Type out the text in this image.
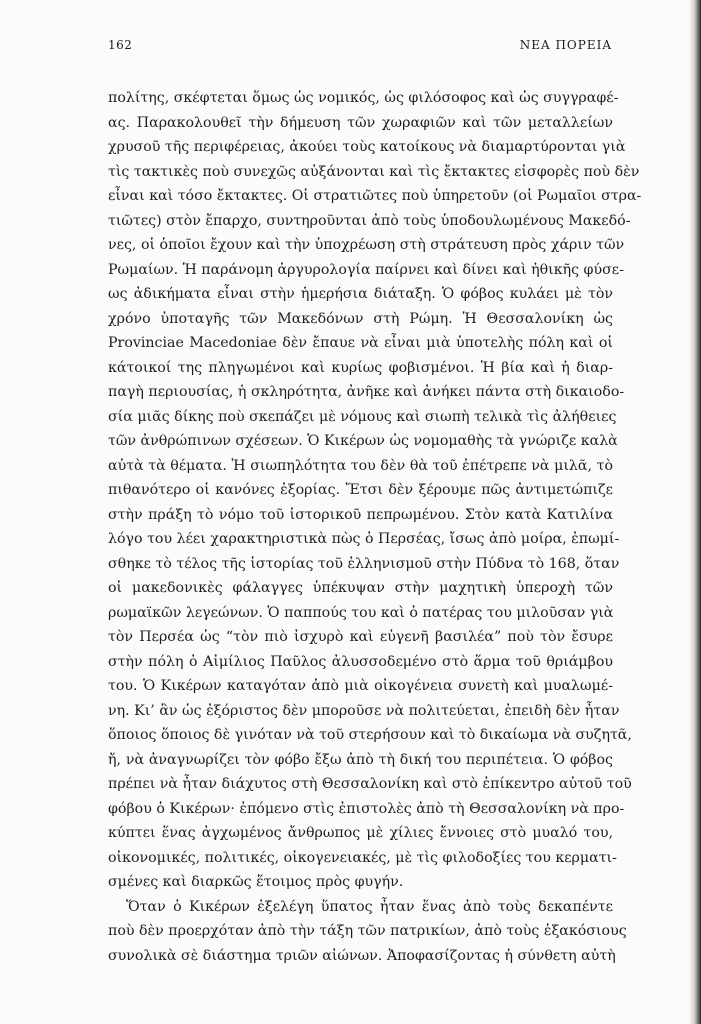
162	ΝΕΑ ΠΟΡΕΙΑ
πολίτης, σκέφτεται ὅμως ὡς νομικός, ὡς φιλόσοφος καὶ ὡς συγγραφέ-
ας. Παρακολουθεῖ τὴν δήμευση τῶν χωραφιῶν καὶ τῶν μεταλλείων
χρυσοῦ τῆς περιφέρειας, ἀκούει τοὺς κατοίκους νὰ διαμαρτύρονται γιὰ
τὶς τακτικὲς ποὺ συνεχῶς αὐξάνονται καὶ τὶς ἔκτακτες εἰσφορὲς ποὺ δὲν
εἶναι καὶ τόσο ἔκτακτες. Οἱ στρατιῶτες ποὺ ὑπηρετοῦν (οἱ Ρωμαῖοι στρα-
τιῶτες) στὸν ἔπαρχο, συντηροῦνται ἀπὸ τοὺς ὑποδουλωμένους Μακεδό-
νες, οἱ ὁποῖοι ἔχουν καὶ τὴν ὑποχρέωση στὴ στράτευση πρὸς χάριν τῶν
Ρωμαίων. Ἡ παράνομη ἀργυρολογία παίρνει καὶ δίνει καὶ ἠθικῆς φύσε-
ως ἀδικήματα εἶναι στὴν ἡμερήσια διάταξη. Ὁ φόβος κυλάει μὲ τὸν
χρόνο ὑποταγῆς τῶν Μακεδόνων στὴ Ρώμη. Ἡ Θεσσαλονίκη ὡς
Provinciae Macedoniae δὲν ἔπαυε νὰ εἶναι μιὰ ὑποτελὴς πόλη καὶ οἱ
κάτοικοί της πληγωμένοι καὶ κυρίως φοβισμένοι. Ἡ βία καὶ ἡ διαρ-
παγὴ περιουσίας, ἡ σκληρότητα, ἀνῆκε καὶ ἀνήκει πάντα στὴ δικαιοδο-
σία μιᾶς δίκης ποὺ σκεπάζει μὲ νόμους καὶ σιωπὴ τελικὰ τὶς ἀλήθειες
τῶν ἀνθρώπινων σχέσεων. Ὁ Κικέρων ὡς νομομαθὴς τὰ γνώριζε καλὰ
αὐτὰ τὰ θέματα. Ἡ σιωπηλότητα του δὲν θὰ τοῦ ἐπέτρεπε νὰ μιλᾶ, τὸ
πιθανότερο οἱ κανόνες ἐξορίας. Ἔτσι δὲν ξέρουμε πῶς ἀντιμετώπιζε
στὴν πράξη τὸ νόμο τοῦ ἱστορικοῦ πεπρωμένου. Στὸν κατὰ Κατιλίνα
λόγο του λέει χαρακτηριστικὰ πὼς ὁ Περσέας, ἴσως ἀπὸ μοίρα, ἐπωμί-
σθηκε τὸ τέλος τῆς ἱστορίας τοῦ ἑλληνισμοῦ στὴν Πύδνα τὸ 168, ὅταν
οἱ μακεδονικὲς φάλαγγες ὑπέκυψαν στὴν μαχητικὴ ὑπεροχὴ τῶν
ρωμαϊκῶν λεγεώνων. Ὁ παππούς του καὶ ὁ πατέρας του μιλοῦσαν γιὰ
τὸν Περσέα ὡς “τὸν πιὸ ἰσχυρὸ καὶ εὐγενῆ βασιλέα” ποὺ τὸν ἔσυρε
στὴν πόλη ὁ Αἰμίλιος Παῦλος ἀλυσσοδεμένο στὸ ἅρμα τοῦ θριάμβου
του. Ὁ Κικέρων καταγόταν ἀπὸ μιὰ οἰκογένεια συνετὴ καὶ μυαλωμέ-
νη. Κι’ ἂν ὡς ἐξόριστος δὲν μποροῦσε νὰ πολιτεύεται, ἐπειδὴ δὲν ἦταν
ὅποιος ὅποιος δὲ γινόταν νὰ τοῦ στερήσουν καὶ τὸ δικαίωμα νὰ συζητᾶ,
ἤ, νὰ ἀναγνωρίζει τὸν φόβο ἔξω ἀπὸ τὴ δική του περιπέτεια. Ὁ φόβος
πρέπει νὰ ἦταν διάχυτος στὴ Θεσσαλονίκη καὶ στὸ ἐπίκεντρο αὐτοῦ τοῦ
φόβου ὁ Κικέρων· ἐπόμενο στὶς ἐπιστολὲς ἀπὸ τὴ Θεσσαλονίκη νὰ προ-
κύπτει ἕνας ἀγχωμένος ἄνθρωπος μὲ χίλιες ἔννοιες στὸ μυαλό του,
οἰκονομικές, πολιτικές, οἰκογενειακές, μὲ τὶς φιλοδοξίες του κερματι-
σμένες καὶ διαρκῶς ἕτοιμος πρὸς φυγήν.
Ὅταν ὁ Κικέρων ἐξελέγη ὕπατος ἦταν ἕνας ἀπὸ τοὺς δεκαπέντε
ποὺ δὲν προερχόταν ἀπὸ τὴν τάξη τῶν πατρικίων, ἀπὸ τοὺς ἑξακόσιους
συνολικὰ σὲ διάστημα τριῶν αἰώνων. Ἀποφασίζοντας ἡ σύνθετη αὐτὴ
